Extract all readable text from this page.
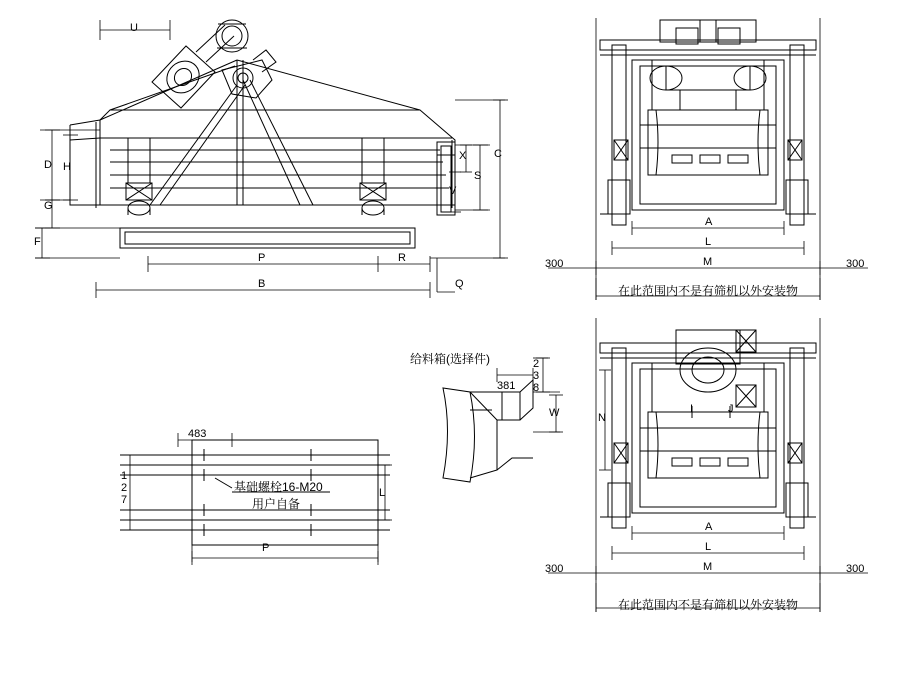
U
D H
G
F
P	R
B	Q
C
S
X
V
A
L
M
300	300
在此范围内不是有筛机以外安装物
I	J
N
A
L
M
300	300
在此范围内不是有筛机以外安装物
给料箱(选择件)
381 238
W
483
127
P
L
基础螺栓16-M20
用户自备
